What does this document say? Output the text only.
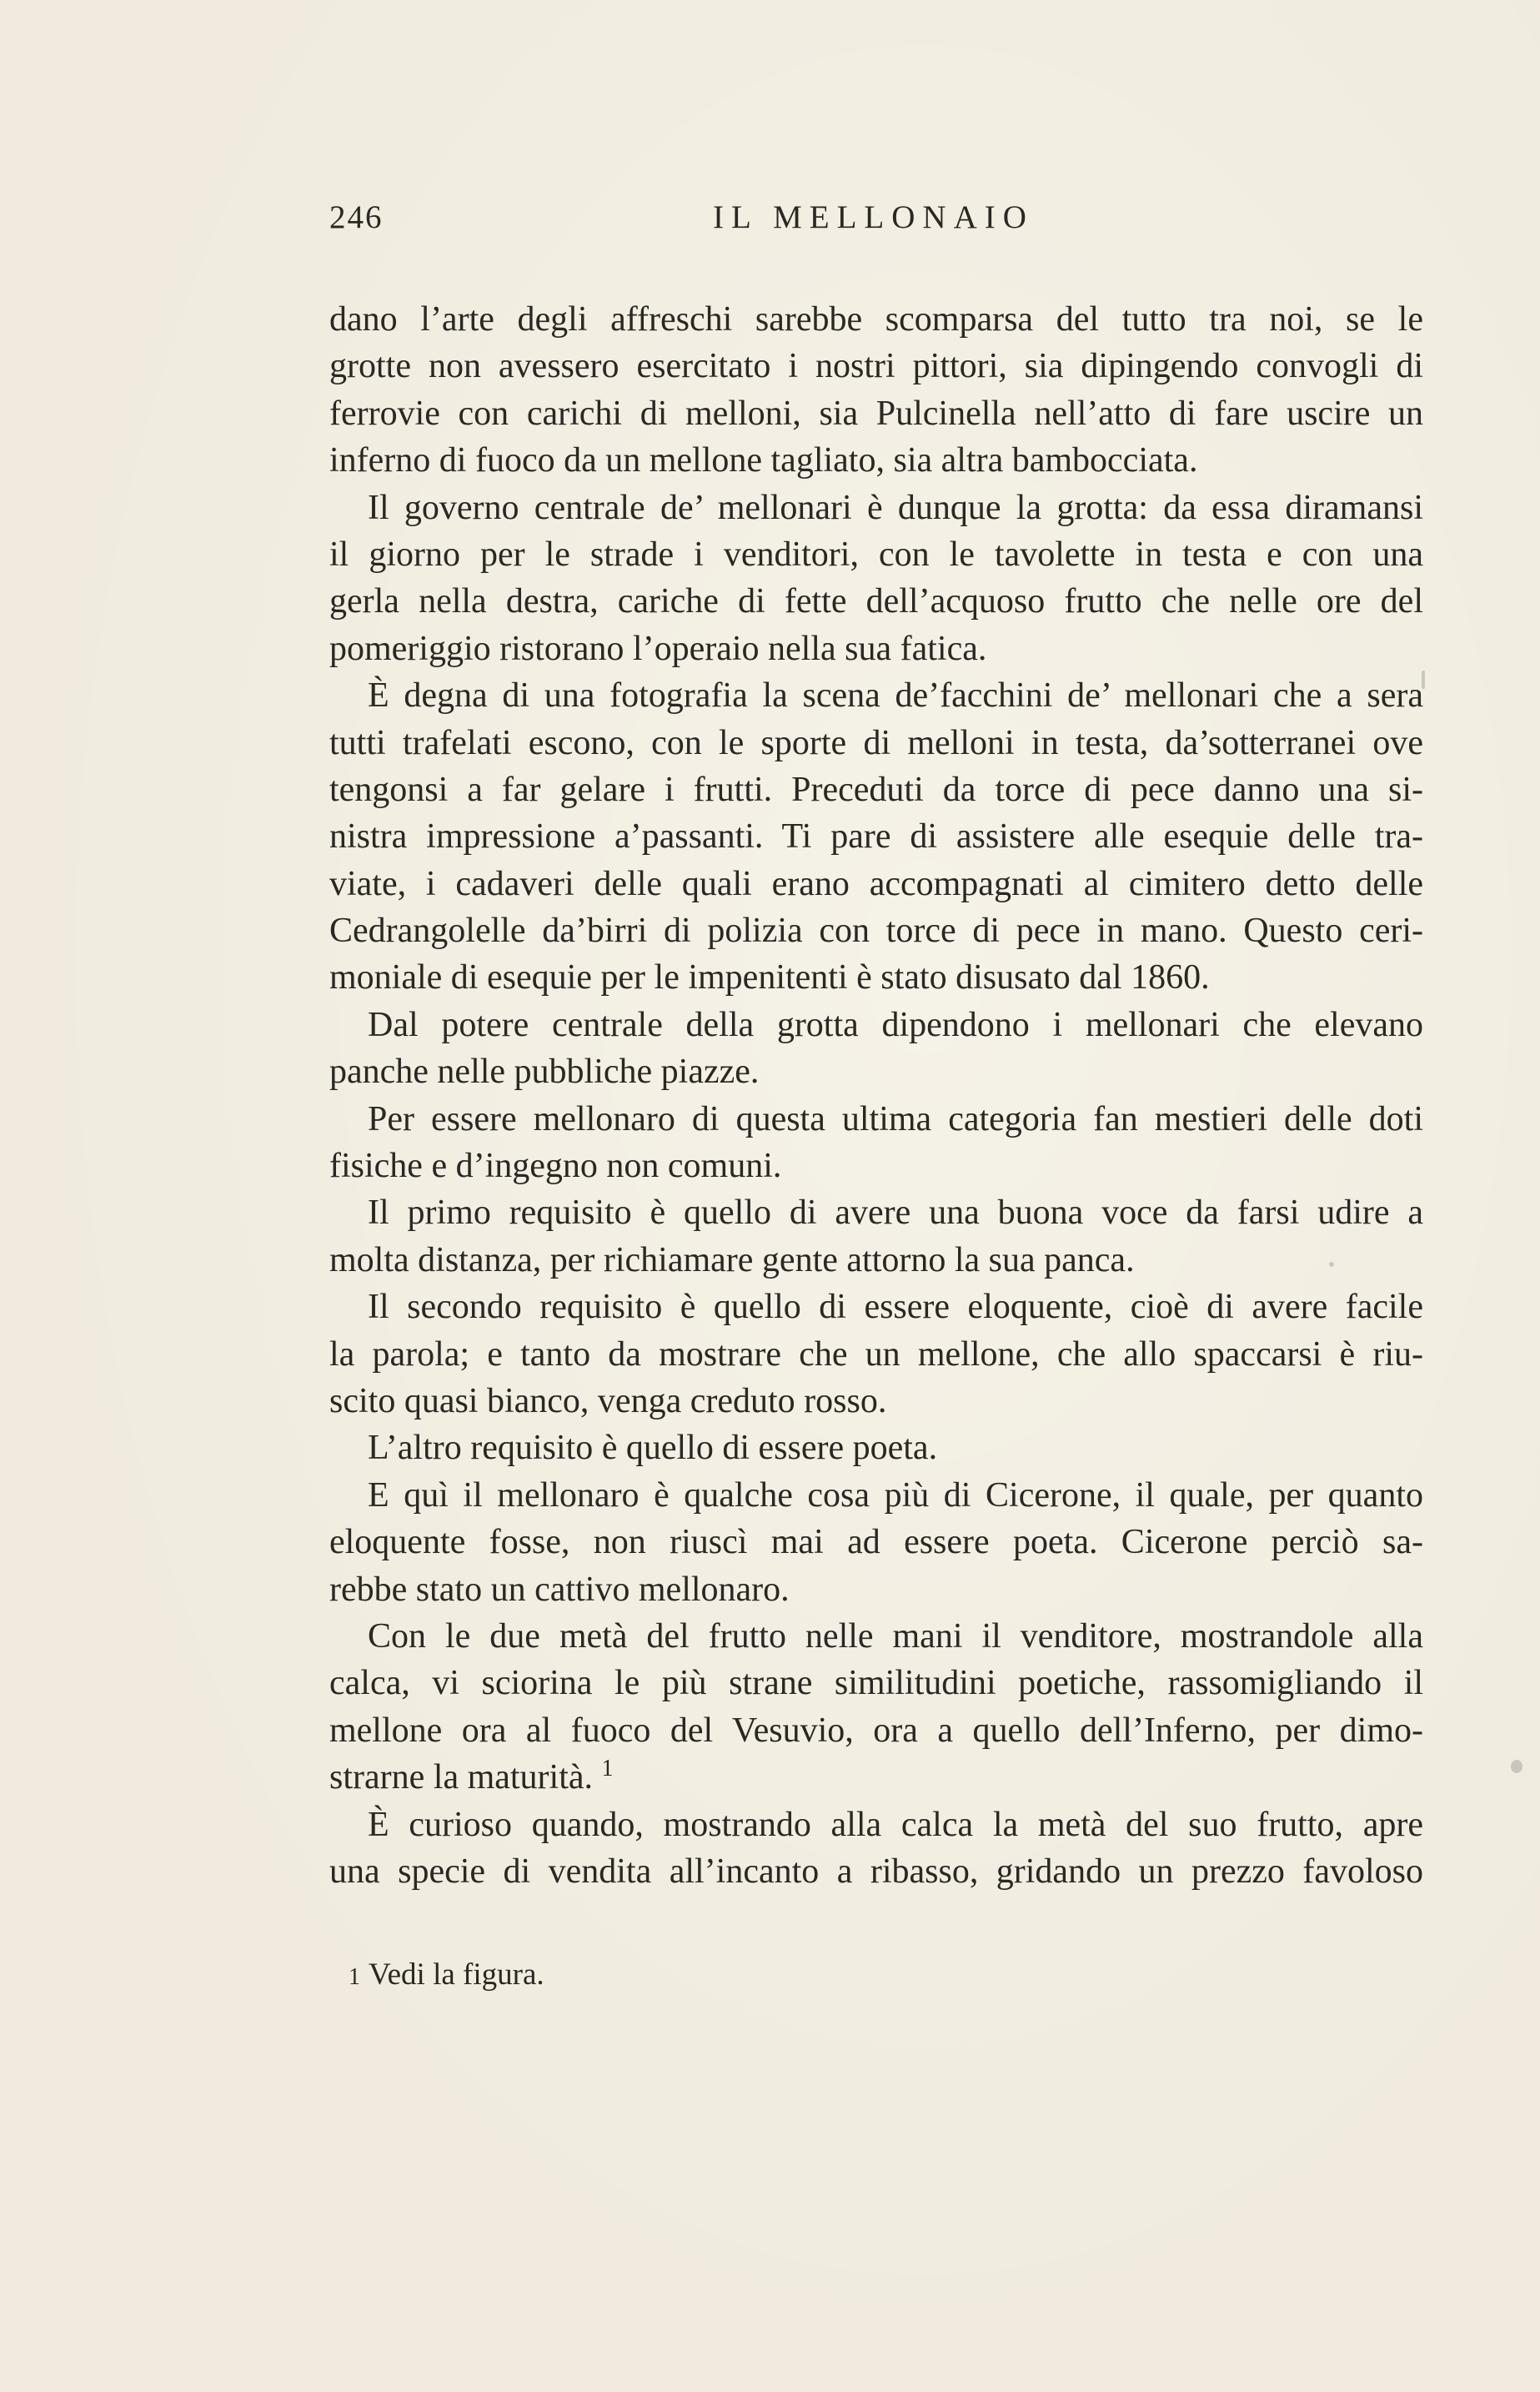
246	IL MELLONAIO
dano l’arte degli affreschi sarebbe scomparsa del tutto tra noi, se le
grotte non avessero esercitato i nostri pittori, sia dipingendo convogli di
ferrovie con carichi di melloni, sia Pulcinella nell’atto di fare uscire un
inferno di fuoco da un mellone tagliato, sia altra bambocciata.
Il governo centrale de’ mellonari è dunque la grotta: da essa diramansi
il giorno per le strade i venditori, con le tavolette in testa e con una
gerla nella destra, cariche di fette dell’acquoso frutto che nelle ore del
pomeriggio ristorano l’operaio nella sua fatica.
È degna di una fotografia la scena de’facchini de’ mellonari che a sera
tutti trafelati escono, con le sporte di melloni in testa, da’sotterranei ove
tengonsi a far gelare i frutti. Preceduti da torce di pece danno una si-
nistra impressione a’passanti. Ti pare di assistere alle esequie delle tra-
viate, i cadaveri delle quali erano accompagnati al cimitero detto delle
Cedrangolelle da’birri di polizia con torce di pece in mano. Questo ceri-
moniale di esequie per le impenitenti è stato disusato dal 1860.
Dal potere centrale della grotta dipendono i mellonari che elevano
panche nelle pubbliche piazze.
Per essere mellonaro di questa ultima categoria fan mestieri delle doti
fisiche e d’ingegno non comuni.
Il primo requisito è quello di avere una buona voce da farsi udire a
molta distanza, per richiamare gente attorno la sua panca.
Il secondo requisito è quello di essere eloquente, cioè di avere facile
la parola; e tanto da mostrare che un mellone, che allo spaccarsi è riu-
scito quasi bianco, venga creduto rosso.
L’altro requisito è quello di essere poeta.
E quì il mellonaro è qualche cosa più di Cicerone, il quale, per quanto
eloquente fosse, non riuscì mai ad essere poeta. Cicerone perciò sa-
rebbe stato un cattivo mellonaro.
Con le due metà del frutto nelle mani il venditore, mostrandole alla
calca, vi sciorina le più strane similitudini poetiche, rassomigliando il
mellone ora al fuoco del Vesuvio, ora a quello dell’Inferno, per dimo-
strarne la maturità. $^1$
È curioso quando, mostrando alla calca la metà del suo frutto, apre
una specie di vendita all’incanto a ribasso, gridando un prezzo favoloso
1 Vedi la figura.
